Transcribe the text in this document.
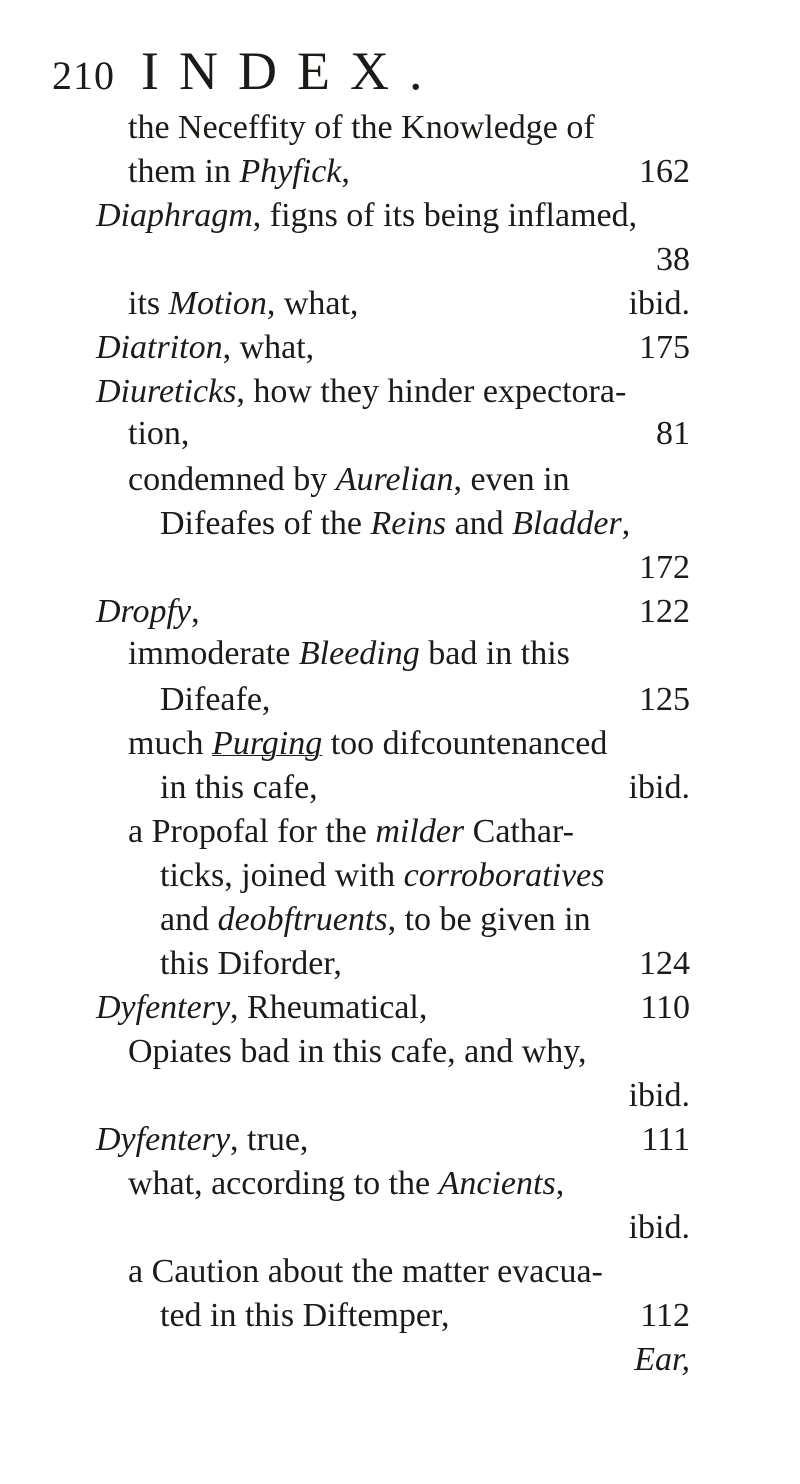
210 INDEX.
the Neceffity of the Knowledge of
them in Phyfick,	162
Diaphragm, figns of its being inflamed,
38
its Motion, what,	ibid.
Diatriton, what,	175
Diureticks, how they hinder expectora-
tion,	81
condemned by Aurelian, even in
Difeafes of the Reins and Bladder,
172
Dropfy,	122
immoderate Bleeding bad in this
Difeafe,	125
much Purging too difcountenanced
in this cafe,	ibid.
a Propofal for the milder Cathar-
ticks, joined with corroboratives
and deobftruents, to be given in
this Diforder,	124
Dyfentery, Rheumatical,	110
Opiates bad in this cafe, and why,
ibid.
Dyfentery, true,	111
what, according to the Ancients,
ibid.
a Caution about the matter evacua-
ted in this Diftemper,	112
Ear,
